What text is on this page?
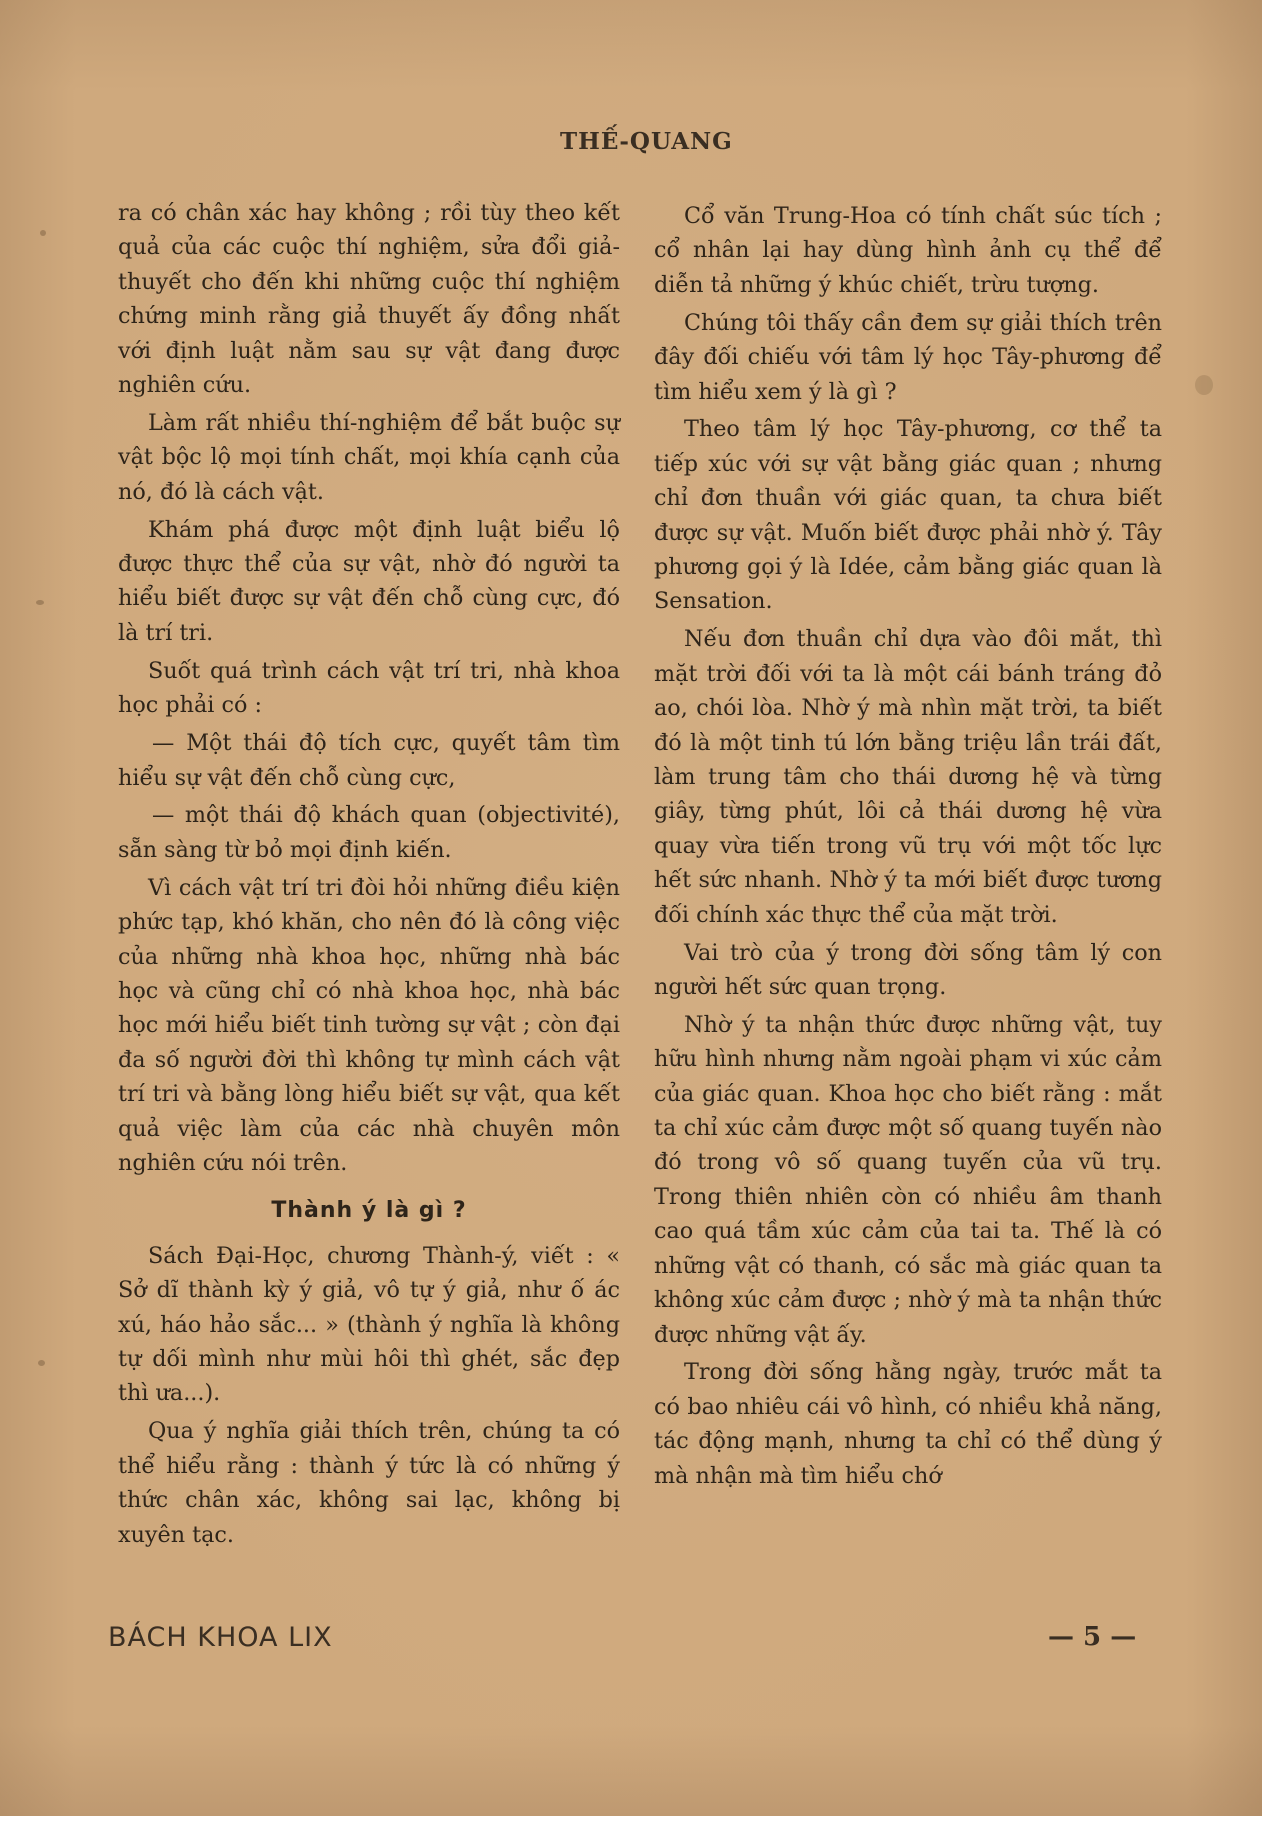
THẾ-QUANG

ra có chân xác hay không ; rồi tùy theo kết quả của các cuộc thí nghiệm, sửa đổi giả-thuyết cho đến khi những cuộc thí nghiệm chứng minh rằng giả thuyết ấy đồng nhất với định luật nằm sau sự vật đang được nghiên cứu.

Làm rất nhiều thí-nghiệm để bắt buộc sự vật bộc lộ mọi tính chất, mọi khía cạnh của nó, đó là cách vật.

Khám phá được một định luật biểu lộ được thực thể của sự vật, nhờ đó người ta hiểu biết được sự vật đến chỗ cùng cực, đó là trí tri.

Suốt quá trình cách vật trí tri, nhà khoa học phải có :

— Một thái độ tích cực, quyết tâm tìm hiểu sự vật đến chỗ cùng cực,

— một thái độ khách quan (objectivité), sẵn sàng từ bỏ mọi định kiến.

Vì cách vật trí tri đòi hỏi những điều kiện phức tạp, khó khăn, cho nên đó là công việc của những nhà khoa học, những nhà bác học và cũng chỉ có nhà khoa học, nhà bác học mới hiểu biết tinh tường sự vật ; còn đại đa số người đời thì không tự mình cách vật trí tri và bằng lòng hiểu biết sự vật, qua kết quả việc làm của các nhà chuyên môn nghiên cứu nói trên.

Thành ý là gì ?

Sách Đại-Học, chương Thành-ý, viết : « Sở dĩ thành kỳ ý giả, vô tự ý giả, như ố ác xú, háo hảo sắc... » (thành ý nghĩa là không tự dối mình như mùi hôi thì ghét, sắc đẹp thì ưa...).

Qua ý nghĩa giải thích trên, chúng ta có thể hiểu rằng : thành ý tức là có những ý thức chân xác, không sai lạc, không bị xuyên tạc.

Cổ văn Trung-Hoa có tính chất súc tích ; cổ nhân lại hay dùng hình ảnh cụ thể để diễn tả những ý khúc chiết, trừu tượng.

Chúng tôi thấy cần đem sự giải thích trên đây đối chiếu với tâm lý học Tây-phương để tìm hiểu xem ý là gì ?

Theo tâm lý học Tây-phương, cơ thể ta tiếp xúc với sự vật bằng giác quan ; nhưng chỉ đơn thuần với giác quan, ta chưa biết được sự vật. Muốn biết được phải nhờ ý. Tây phương gọi ý là Idée, cảm bằng giác quan là Sensation.

Nếu đơn thuần chỉ dựa vào đôi mắt, thì mặt trời đối với ta là một cái bánh tráng đỏ ao, chói lòa. Nhờ ý mà nhìn mặt trời, ta biết đó là một tinh tú lớn bằng triệu lần trái đất, làm trung tâm cho thái dương hệ và từng giây, từng phút, lôi cả thái dương hệ vừa quay vừa tiến trong vũ trụ với một tốc lực hết sức nhanh. Nhờ ý ta mới biết được tương đối chính xác thực thể của mặt trời.

Vai trò của ý trong đời sống tâm lý con người hết sức quan trọng.

Nhờ ý ta nhận thức được những vật, tuy hữu hình nhưng nằm ngoài phạm vi xúc cảm của giác quan. Khoa học cho biết rằng : mắt ta chỉ xúc cảm được một số quang tuyến nào đó trong vô số quang tuyến của vũ trụ. Trong thiên nhiên còn có nhiều âm thanh cao quá tầm xúc cảm của tai ta. Thế là có những vật có thanh, có sắc mà giác quan ta không xúc cảm được ; nhờ ý mà ta nhận thức được những vật ấy.

Trong đời sống hằng ngày, trước mắt ta có bao nhiêu cái vô hình, có nhiều khả năng, tác động mạnh, nhưng ta chỉ có thể dùng ý mà nhận mà tìm hiểu chớ

BÁCH KHOA LIX	— 5 —
